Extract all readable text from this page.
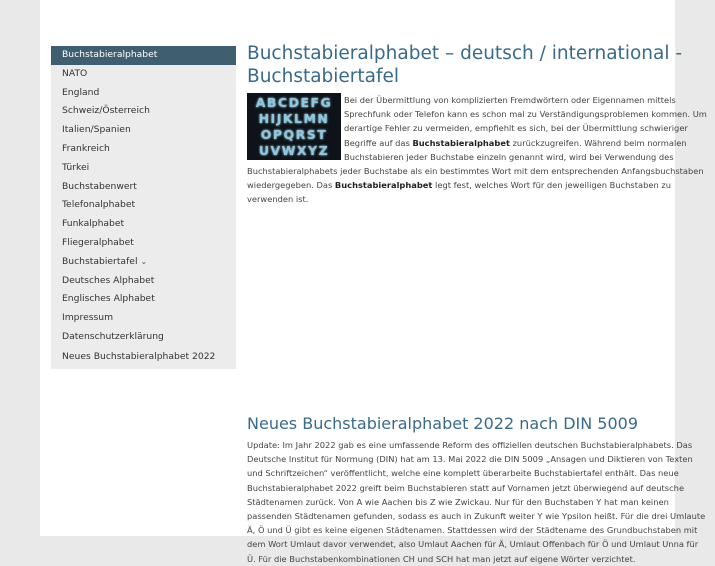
Buchstabieralphabet
NATO
England
Schweiz/Österreich
Italien/Spanien
Frankreich
Türkei
Buchstabenwert
Telefonalphabet
Funkalphabet
Fliegeralphabet
Buchstabiertafel ⌄
Deutsches Alphabet
Englisches Alphabet
Impressum
Datenschutzerklärung
Neues Buchstabieralphabet 2022
Buchstabieralphabet – deutsch / international - Buchstabiertafel
ABCDEFG
HIJKLMN
OPQRST
UVWXYZ

Bei der Übermittlung von komplizierten Fremdwörtern oder Eigennamen mittels Sprechfunk oder Telefon kann es schon mal zu Verständigungsproblemen kommen. Um derartige Fehler zu vermeiden, empfiehlt es sich, bei der Übermittlung schwieriger Begriffe auf das Buchstabieralphabet zurückzugreifen. Während beim normalen Buchstabieren jeder Buchstabe einzeln genannt wird, wird bei Verwendung des Buchstabieralphabets jeder Buchstabe als ein bestimmtes Wort mit dem entsprechenden Anfangsbuchstaben wiedergegeben. Das Buchstabieralphabet legt fest, welches Wort für den jeweiligen Buchstaben zu verwenden ist.

Neues Buchstabieralphabet 2022 nach DIN 5009

Update: Im Jahr 2022 gab es eine umfassende Reform des offiziellen deutschen Buchstabieralphabets. Das Deutsche Institut für Normung (DIN) hat am 13. Mai 2022 die DIN 5009 „Ansagen und Diktieren von Texten und Schriftzeichen“ veröffentlicht, welche eine komplett überarbeite Buchstabiertafel enthält. Das neue Buchstabieralphabet 2022 greift beim Buchstabieren statt auf Vornamen jetzt überwiegend auf deutsche Städtenamen zurück. Von A wie Aachen bis Z wie Zwickau. Nur für den Buchstaben Y hat man keinen passenden Städtenamen gefunden, sodass es auch in Zukunft weiter Y wie Ypsilon heißt. Für die drei Umlaute Ä, Ö und Ü gibt es keine eigenen Städtenamen. Stattdessen wird der Städtename des Grundbuchstaben mit dem Wort Umlaut davor verwendet, also Umlaut Aachen für Ä, Umlaut Offenbach für Ö und Umlaut Unna für Ü. Für die Buchstabenkombinationen CH und SCH hat man jetzt auf eigene Wörter verzichtet.
